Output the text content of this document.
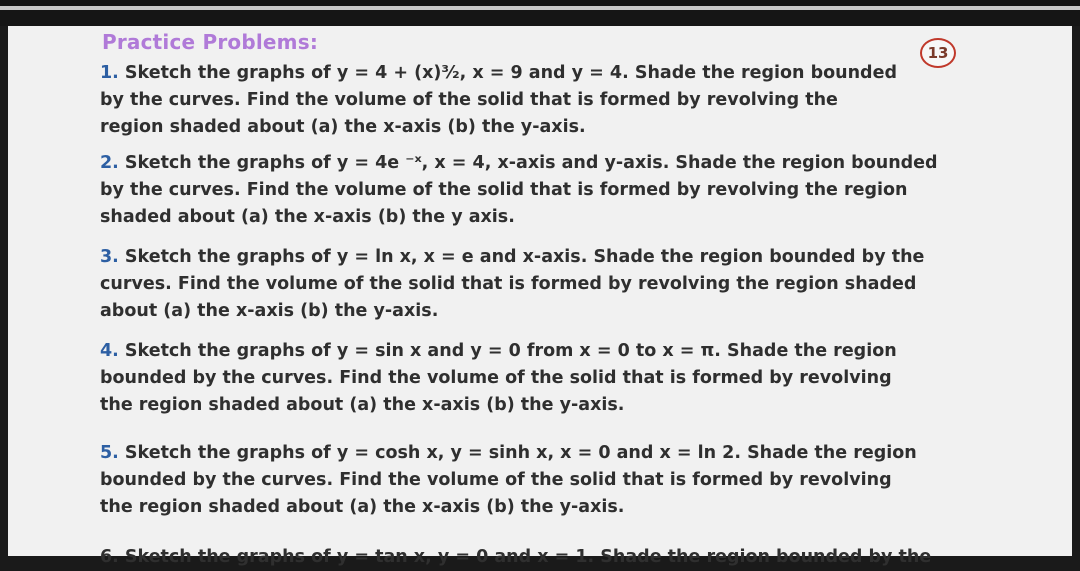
Practice Problems:	13

1. Sketch the graphs of y = 4 + (x)³⁄₂, x = 9 and y = 4. Shade the region bounded
by the curves. Find the volume of the solid that is formed by revolving the
region shaded about (a) the x-axis (b) the y-axis.

2. Sketch the graphs of y = 4e ⁻ˣ, x = 4, x-axis and y-axis. Shade the region bounded
by the curves. Find the volume of the solid that is formed by revolving the region
shaded about (a) the x-axis (b) the y axis.

3. Sketch the graphs of y = ln x, x = e and x-axis. Shade the region bounded by the
curves. Find the volume of the solid that is formed by revolving the region shaded
about (a) the x-axis (b) the y-axis.

4. Sketch the graphs of y = sin x and y = 0 from x = 0 to x = π. Shade the region
bounded by the curves. Find the volume of the solid that is formed by revolving
the region shaded about (a) the x-axis (b) the y-axis.

5. Sketch the graphs of y = cosh x, y = sinh x, x = 0 and x = ln 2. Shade the region
bounded by the curves. Find the volume of the solid that is formed by revolving
the region shaded about (a) the x-axis (b) the y-axis.

6. Sketch the graphs of y = tan x, y = 0 and x = 1. Shade the region bounded by the
